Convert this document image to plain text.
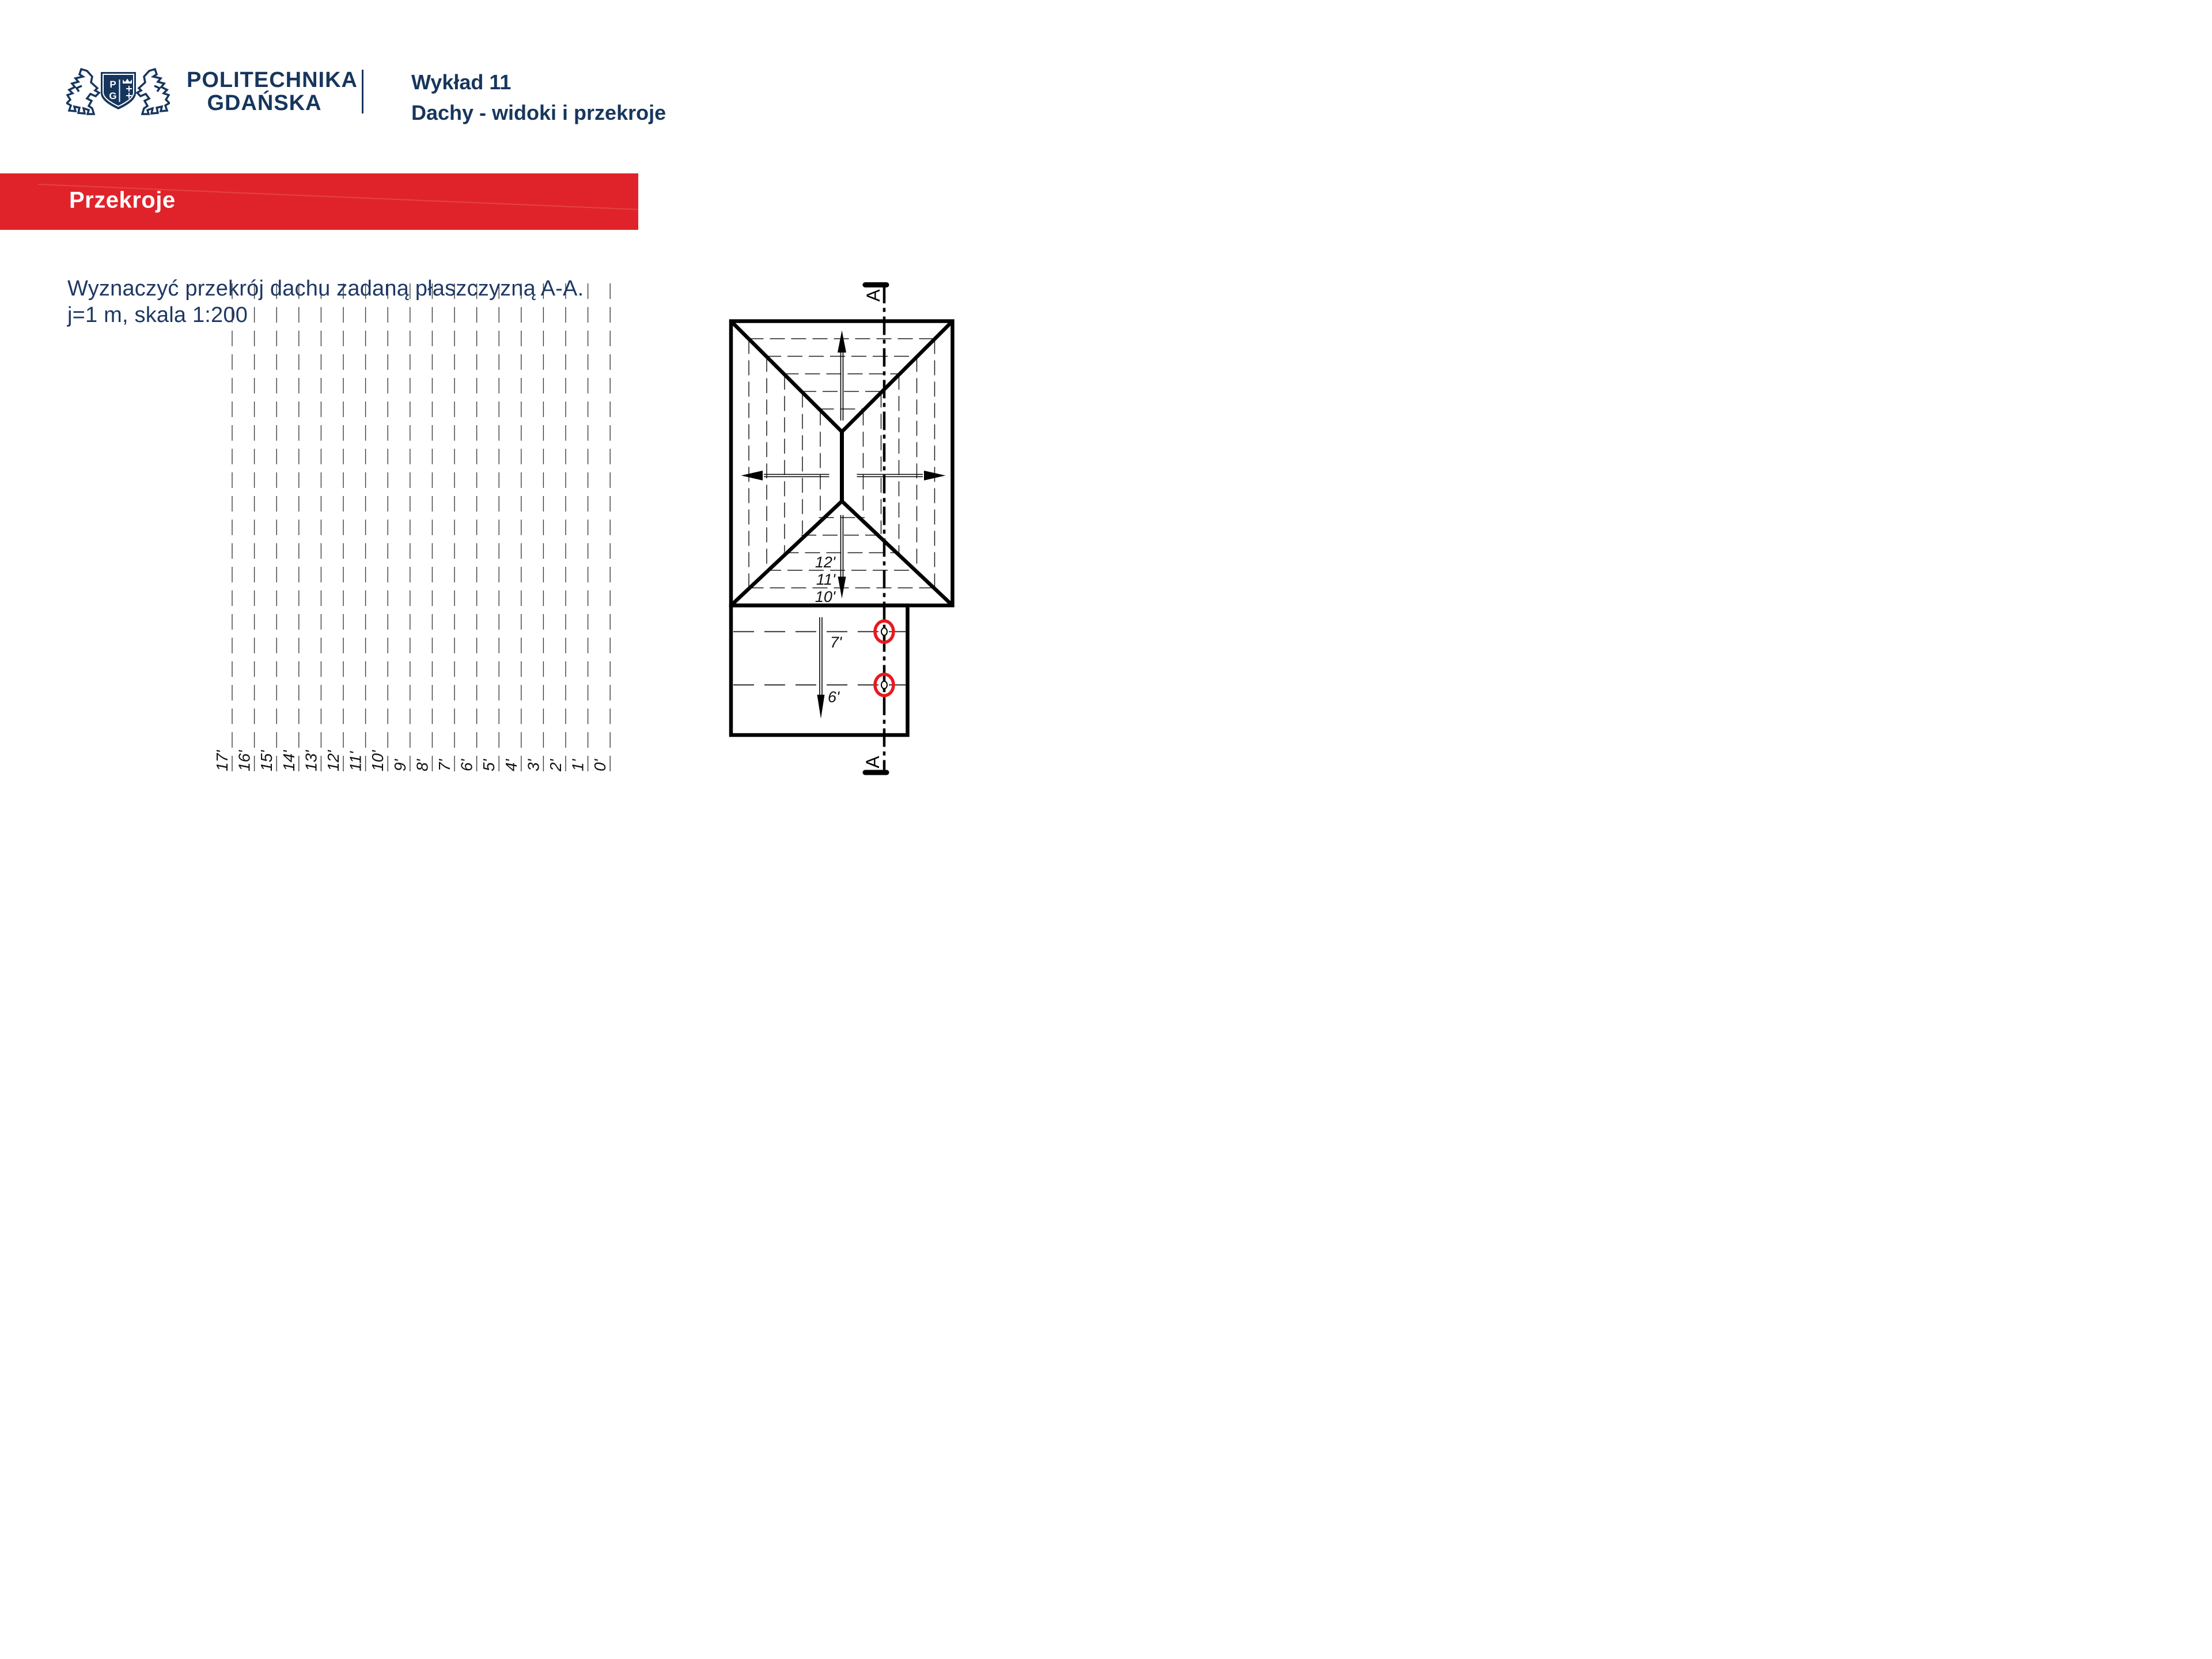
P
G
POLITECHNIKA
GDAŃSKA
Wykład 11
Dachy - widoki i przekroje
Przekroje
17' 16' 15' 14' 13' 12' 11' 10' 9' 8' 7' 6' 5' 4' 3' 2' 1' 0'
Wyznaczyć przekrój dachu zadaną płaszczyzną A-A.
j=1 m, skala 1:200
A
A
12'
11'
10'
7'
6'
